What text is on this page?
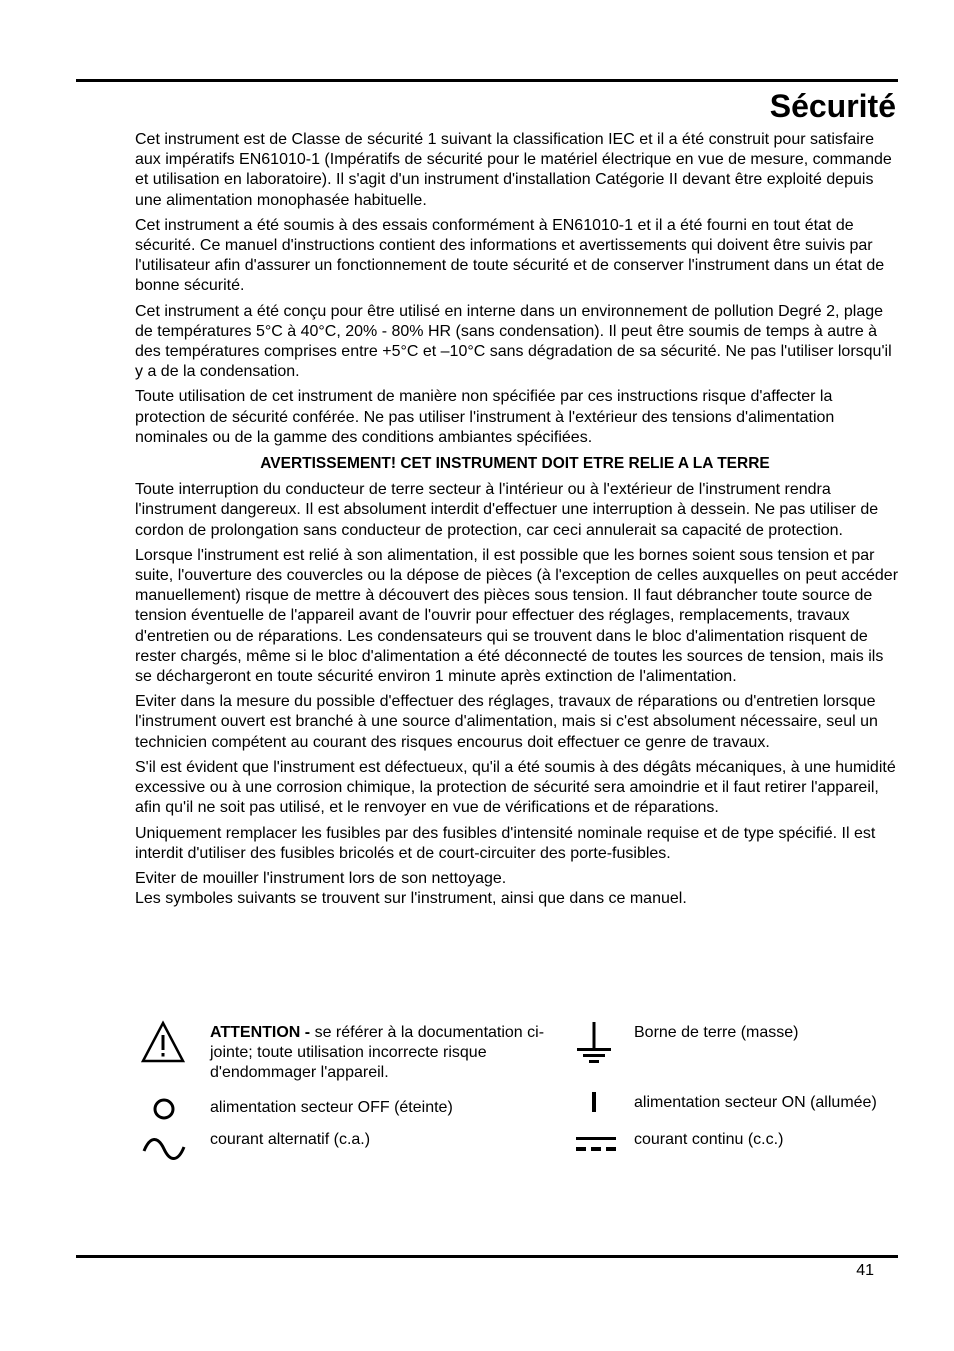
Sécurité

Cet instrument est de Classe de sécurité 1 suivant la classification IEC et il a été construit pour satisfaire aux impératifs EN61010-1 (Impératifs de sécurité pour le matériel électrique en vue de mesure, commande et utilisation en laboratoire). Il s'agit d'un instrument d'installation Catégorie II devant être exploité depuis une alimentation monophasée habituelle.

Cet instrument a été soumis à des essais conformément à EN61010-1 et il a été fourni en tout état de sécurité. Ce manuel d'instructions contient des informations et avertissements qui doivent être suivis par l'utilisateur afin d'assurer un fonctionnement de toute sécurité et de conserver l'instrument dans un état de bonne sécurité.

Cet instrument a été conçu pour être utilisé en interne dans un environnement de pollution Degré 2, plage de températures 5°C à 40°C, 20% - 80% HR (sans condensation). Il peut être soumis de temps à autre à des températures comprises entre +5°C et –10°C sans dégradation de sa sécurité. Ne pas l'utiliser lorsqu'il y a de la condensation.

Toute utilisation de cet instrument de manière non spécifiée par ces instructions risque d'affecter la protection de sécurité conférée. Ne pas utiliser l'instrument à l'extérieur des tensions d'alimentation nominales ou de la gamme des conditions ambiantes spécifiées.

AVERTISSEMENT! CET INSTRUMENT DOIT ETRE RELIE A LA TERRE

Toute interruption du conducteur de terre secteur à l'intérieur ou à l'extérieur de l'instrument rendra l'instrument dangereux. Il est absolument interdit d'effectuer une interruption à dessein. Ne pas utiliser de cordon de prolongation sans conducteur de protection, car ceci annulerait sa capacité de protection.

Lorsque l'instrument est relié à son alimentation, il est possible que les bornes soient sous tension et par suite, l'ouverture des couvercles ou la dépose de pièces (à l'exception de celles auxquelles on peut accéder manuellement) risque de mettre à découvert des pièces sous tension. Il faut débrancher toute source de tension éventuelle de l'appareil avant de l'ouvrir pour effectuer des réglages, remplacements, travaux d'entretien ou de réparations. Les condensateurs qui se trouvent dans le bloc d'alimentation risquent de rester chargés, même si le bloc d'alimentation a été déconnecté de toutes les sources de tension, mais ils se déchargeront en toute sécurité environ 1 minute après extinction de l'alimentation.

Eviter dans la mesure du possible d'effectuer des réglages, travaux de réparations ou d'entretien lorsque l'instrument ouvert est branché à une source d'alimentation, mais si c'est absolument nécessaire, seul un technicien compétent au courant des risques encourus doit effectuer ce genre de travaux.

S'il est évident que l'instrument est défectueux, qu'il a été soumis à des dégâts mécaniques, à une humidité excessive ou à une corrosion chimique, la protection de sécurité sera amoindrie et il faut retirer l'appareil, afin qu'il ne soit pas utilisé, et le renvoyer en vue de vérifications et de réparations.

Uniquement remplacer les fusibles par des fusibles d'intensité nominale requise et de type spécifié. Il est interdit d'utiliser des fusibles bricolés et de court-circuiter des porte-fusibles.

Eviter de mouiller l'instrument lors de son nettoyage.
Les symboles suivants se trouvent sur l'instrument, ainsi que dans ce manuel.

ATTENTION - se référer à la documentation ci-jointe; toute utilisation incorrecte risque d'endommager l'appareil.
Borne de terre (masse)
alimentation secteur OFF (éteinte)	alimentation secteur ON (allumée)
courant alternatif (c.a.)	courant continu (c.c.)
41
